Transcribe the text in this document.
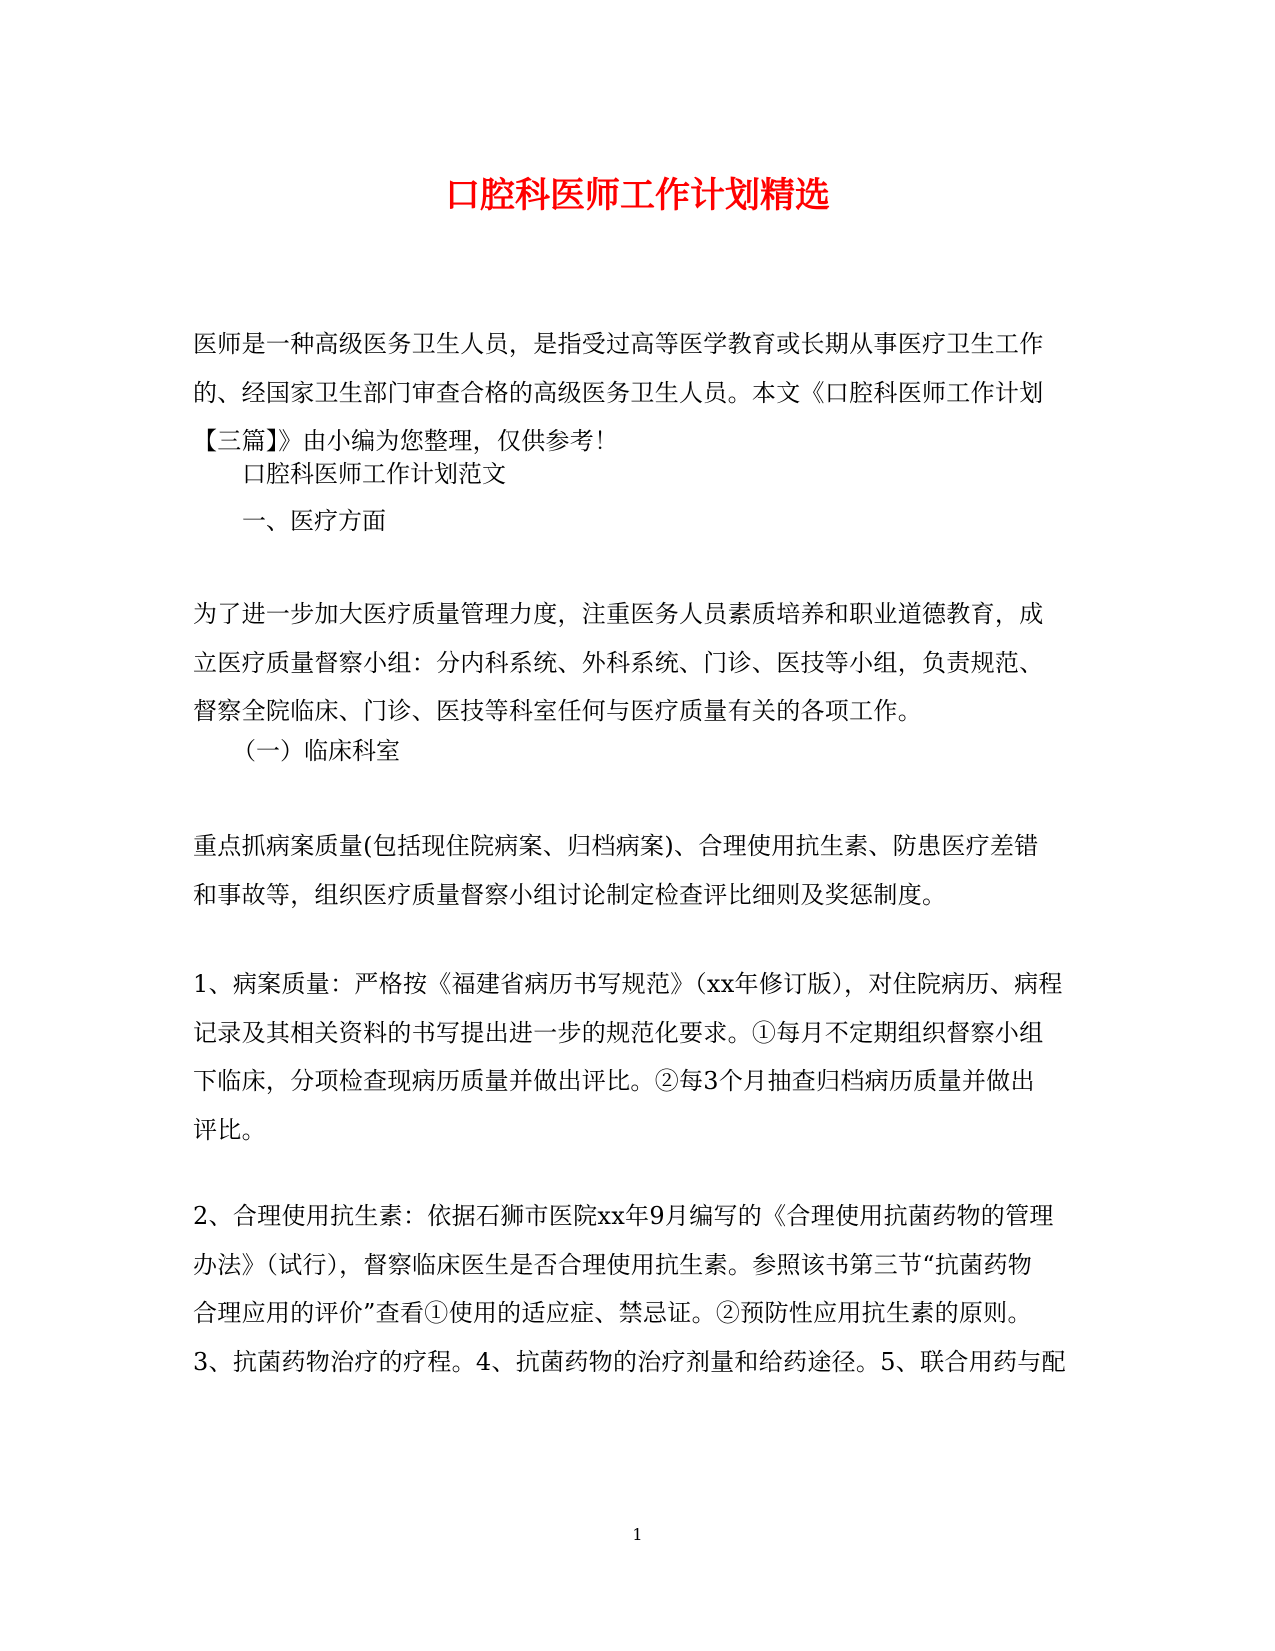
口腔科医师工作计划精选
医师是一种高级医务卫生人员，是指受过高等医学教育或长期从事医疗卫生工作
的、经国家卫生部门审查合格的高级医务卫生人员。本文《口腔科医师工作计划
【三篇】》由小编为您整理，仅供参考！

口腔科医师工作计划范文

一、医疗方面

为了进一步加大医疗质量管理力度，注重医务人员素质培养和职业道德教育，成
立医疗质量督察小组：分内科系统、外科系统、门诊、医技等小组，负责规范、
督察全院临床、门诊、医技等科室任何与医疗质量有关的各项工作。

（一）临床科室

重点抓病案质量(包括现住院病案、归档病案)、合理使用抗生素、防患医疗差错
和事故等，组织医疗质量督察小组讨论制定检查评比细则及奖惩制度。
1、病案质量：严格按《福建省病历书写规范》（xx年修订版），对住院病历、病程
记录及其相关资料的书写提出进一步的规范化要求。①每月不定期组织督察小组
下临床，分项检查现病历质量并做出评比。②每3个月抽查归档病历质量并做出
评比。
2、合理使用抗生素：依据石狮市医院xx年9月编写的《合理使用抗菌药物的管理
办法》（试行），督察临床医生是否合理使用抗生素。参照该书第三节“抗菌药物
合理应用的评价”查看①使用的适应症、禁忌证。②预防性应用抗生素的原则。
3、抗菌药物治疗的疗程。4、抗菌药物的治疗剂量和给药途径。5、联合用药与配

1
